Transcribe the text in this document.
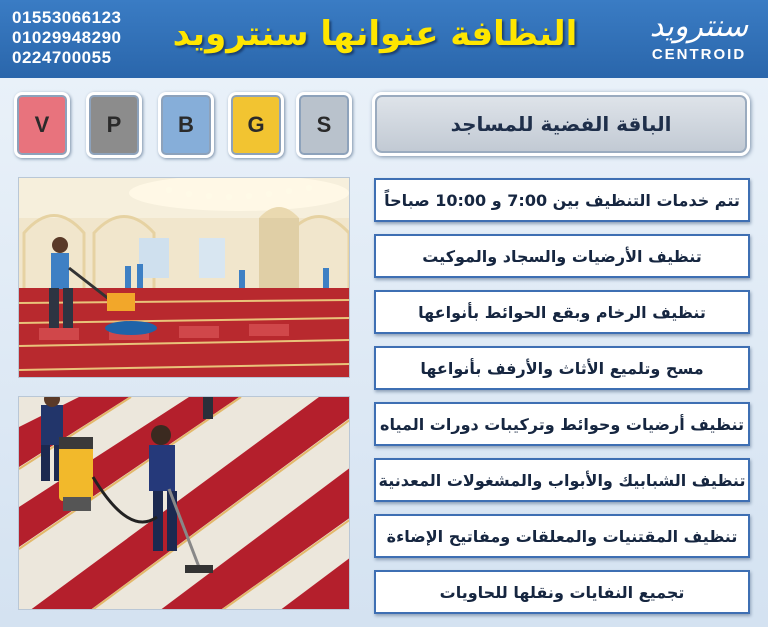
01553066123
01029948290
0224700055
النظافة عنوانها سنترويد	سنترويد
CENTROID
V	P	B	G	S	الباقة الفضية للمساجد
تتم خدمات التنظيف بين 7:00 و 10:00 صباحاً
تنظيف الأرضيات والسجاد والموكيت
تنظيف الرخام وبقع الحوائط بأنواعها
مسح وتلميع الأثاث والأرفف بأنواعها
تنظيف أرضيات وحوائط وتركيبات دورات المياه
تنظيف الشبابيك والأبواب والمشغولات المعدنية
تنظيف المقتنيات والمعلقات ومفاتيح الإضاءة
تجميع النفايات ونقلها للحاويات
